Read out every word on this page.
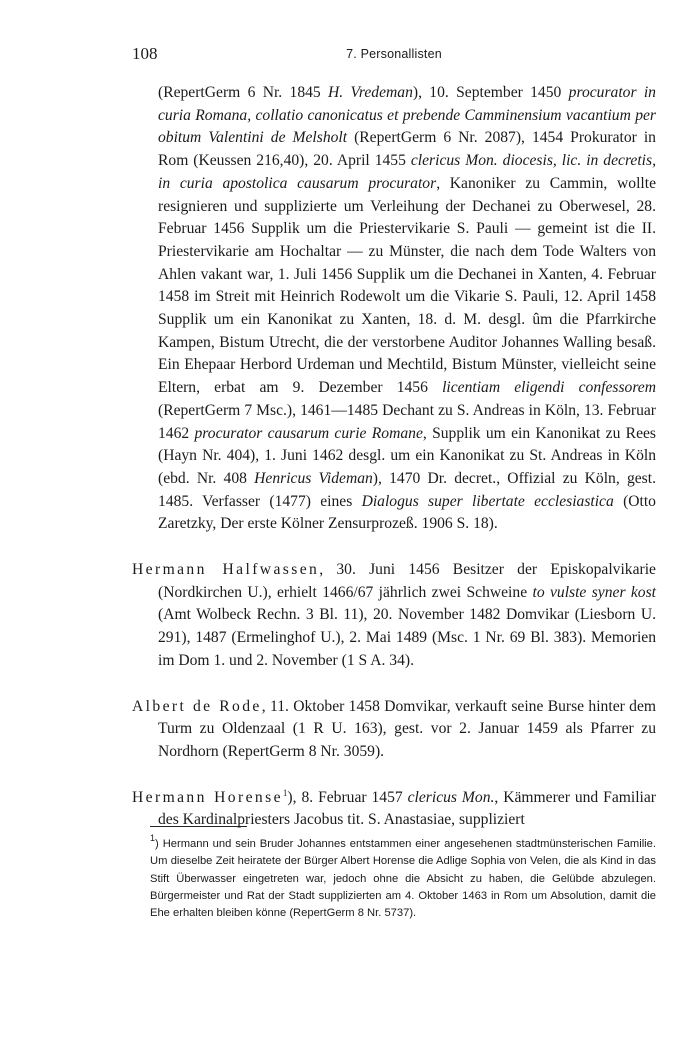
108	7. Personallisten

(RepertGerm 6 Nr. 1845 H. Vredeman), 10. September 1450 procurator in curia Romana, collatio canonicatus et prebende Camminensium vacantium per obitum Valentini de Melsholt (RepertGerm 6 Nr. 2087), 1454 Prokurator in Rom (Keussen 216,40), 20. April 1455 clericus Mon. diocesis, lic. in decretis, in curia apostolica causarum procurator, Kanoniker zu Cammin, wollte resignieren und supplizierte um Verleihung der Dechanei zu Oberwesel, 28. Februar 1456 Supplik um die Priestervikarie S. Pauli — gemeint ist die II. Priestervikarie am Hochaltar — zu Münster, die nach dem Tode Walters von Ahlen vakant war, 1. Juli 1456 Supplik um die Dechanei in Xanten, 4. Februar 1458 im Streit mit Heinrich Rodewolt um die Vikarie S. Pauli, 12. April 1458 Supplik um ein Kanonikat zu Xanten, 18. d. M. desgl. ûm die Pfarrkirche Kampen, Bistum Utrecht, die der verstorbene Auditor Johannes Walling besaß. Ein Ehepaar Herbord Urdeman und Mechtild, Bistum Münster, vielleicht seine Eltern, erbat am 9. Dezember 1456 licentiam eligendi confessorem (RepertGerm 7 Msc.), 1461—1485 Dechant zu S. Andreas in Köln, 13. Februar 1462 procurator causarum curie Romane, Supplik um ein Kanonikat zu Rees (Hayn Nr. 404), 1. Juni 1462 desgl. um ein Kanonikat zu St. Andreas in Köln (ebd. Nr. 408 Henricus Videman), 1470 Dr. decret., Offizial zu Köln, gest. 1485. Verfasser (1477) eines Dialogus super libertate ecclesiastica (Otto Zaretzky, Der erste Kölner Zensurprozeß. 1906 S. 18).

Hermann Halfwassen, 30. Juni 1456 Besitzer der Episkopalvikarie (Nordkirchen U.), erhielt 1466/67 jährlich zwei Schweine to vulste syner kost (Amt Wolbeck Rechn. 3 Bl. 11), 20. November 1482 Domvikar (Liesborn U. 291), 1487 (Ermelinghof U.), 2. Mai 1489 (Msc. 1 Nr. 69 Bl. 383). Memorien im Dom 1. und 2. November (1 S A. 34).

Albert de Rode, 11. Oktober 1458 Domvikar, verkauft seine Burse hinter dem Turm zu Oldenzaal (1 R U. 163), gest. vor 2. Januar 1459 als Pfarrer zu Nordhorn (RepertGerm 8 Nr. 3059).

Hermann Horense$^1$), 8. Februar 1457 clericus Mon., Kämmerer und Familiar des Kardinalpriesters Jacobus tit. S. Anastasiae, suppliziert

$^1$) Hermann und sein Bruder Johannes entstammen einer angesehenen stadtmünsterischen Familie. Um dieselbe Zeit heiratete der Bürger Albert Horense die Adlige Sophia von Velen, die als Kind in das Stift Überwasser eingetreten war, jedoch ohne die Absicht zu haben, die Gelübde abzulegen. Bürgermeister und Rat der Stadt supplizierten am 4. Oktober 1463 in Rom um Absolution, damit die Ehe erhalten bleiben könne (RepertGerm 8 Nr. 5737).
